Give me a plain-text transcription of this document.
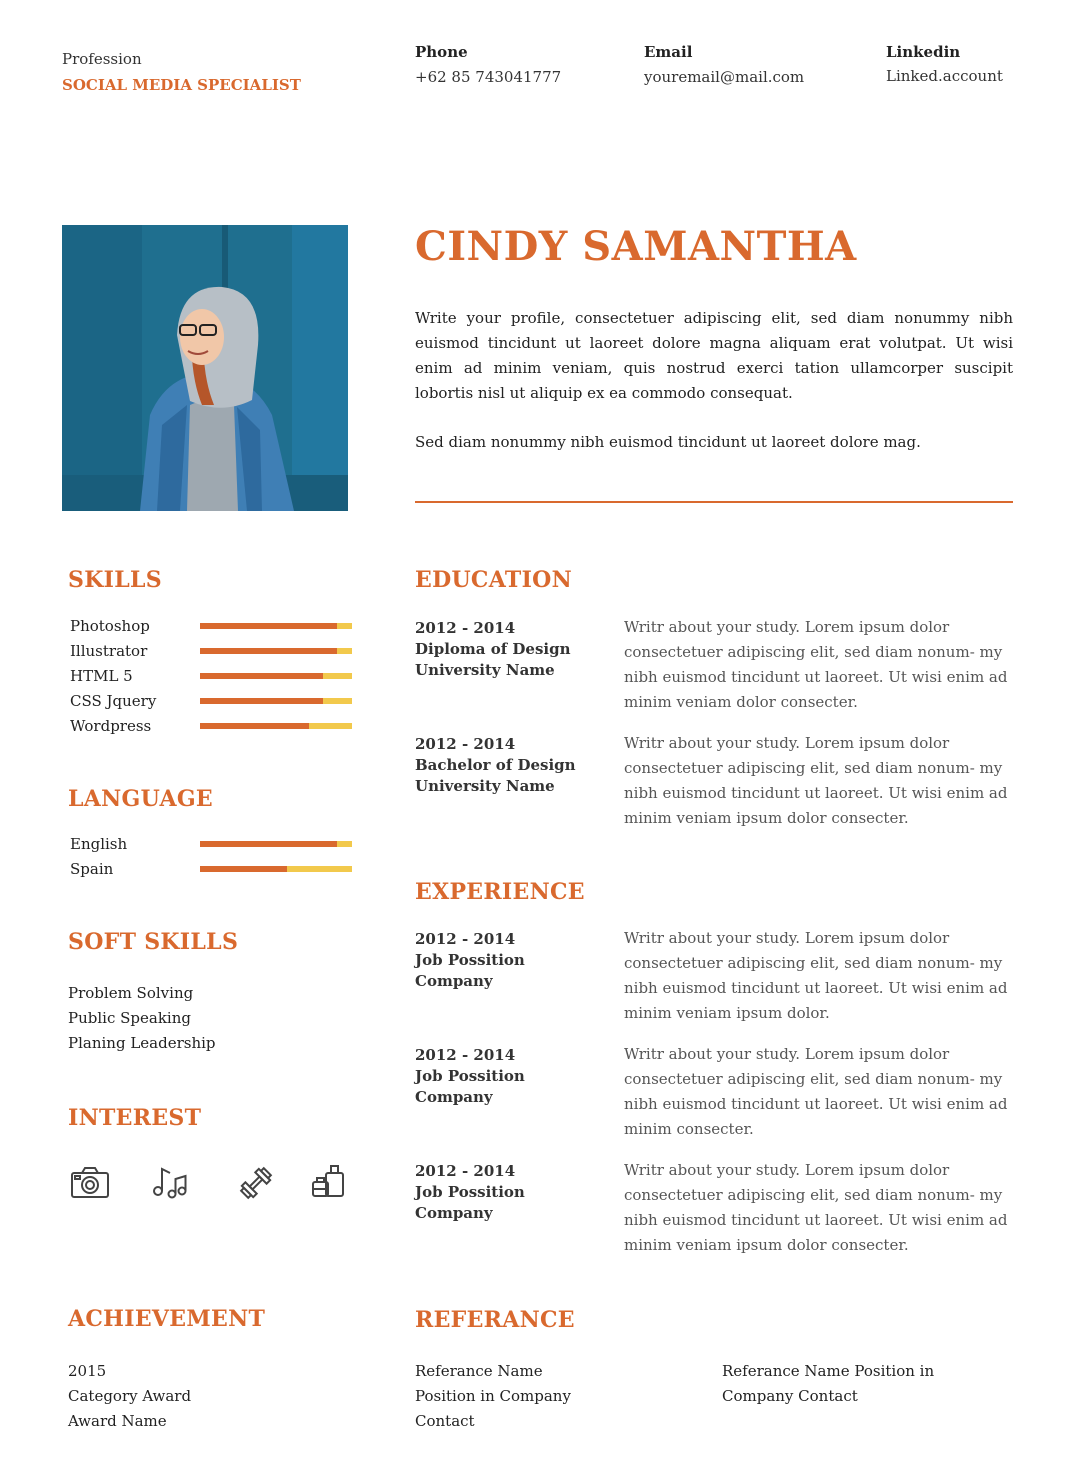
Profession
SOCIAL MEDIA SPECIALIST
Phone
+62 85 743041777
Email
youremail@mail.com
Linkedin
Linked.account
CINDY SAMANTHA

Write your profile, consectetuer adipiscing elit, sed diam nonummy nibh euismod tincidunt ut laoreet dolore magna aliquam erat volutpat. Ut wisi enim ad minim veniam, quis nostrud exerci tation ullamcorper suscipit lobortis nisl ut aliquip ex ea commodo consequat.

Sed diam nonummy nibh euismod tincidunt ut laoreet dolore mag.

SKILLS
Photoshop
Illustrator
HTML 5
CSS Jquery
Wordpress
LANGUAGE
English
Spain
SOFT SKILLS
Problem Solving
Public Speaking
Planing Leadership
INTEREST
ACHIEVEMENT
2015
Category Award
Award Name
EDUCATION
2012 - 2014
Diploma of Design
University Name
Writr about your study. Lorem ipsum dolor consectetuer adipiscing elit, sed diam nonum- my nibh euismod tincidunt ut laoreet. Ut wisi enim ad minim veniam dolor consecter.
2012 - 2014
Bachelor of Design
University Name
Writr about your study. Lorem ipsum dolor consectetuer adipiscing elit, sed diam nonum- my nibh euismod tincidunt ut laoreet. Ut wisi enim ad minim veniam ipsum dolor consecter.
EXPERIENCE
2012 - 2014
Job Possition
Company
Writr about your study. Lorem ipsum dolor consectetuer adipiscing elit, sed diam nonum- my nibh euismod tincidunt ut laoreet. Ut wisi enim ad minim veniam ipsum dolor.
2012 - 2014
Job Possition
Company
Writr about your study. Lorem ipsum dolor consectetuer adipiscing elit, sed diam nonum- my nibh euismod tincidunt ut laoreet. Ut wisi enim ad minim consecter.
2012 - 2014
Job Possition
Company
Writr about your study. Lorem ipsum dolor consectetuer adipiscing elit, sed diam nonum- my nibh euismod tincidunt ut laoreet. Ut wisi enim ad minim veniam ipsum dolor consecter.
REFERANCE
Referance Name
Position in Company
Contact
Referance Name Position in
Company Contact
